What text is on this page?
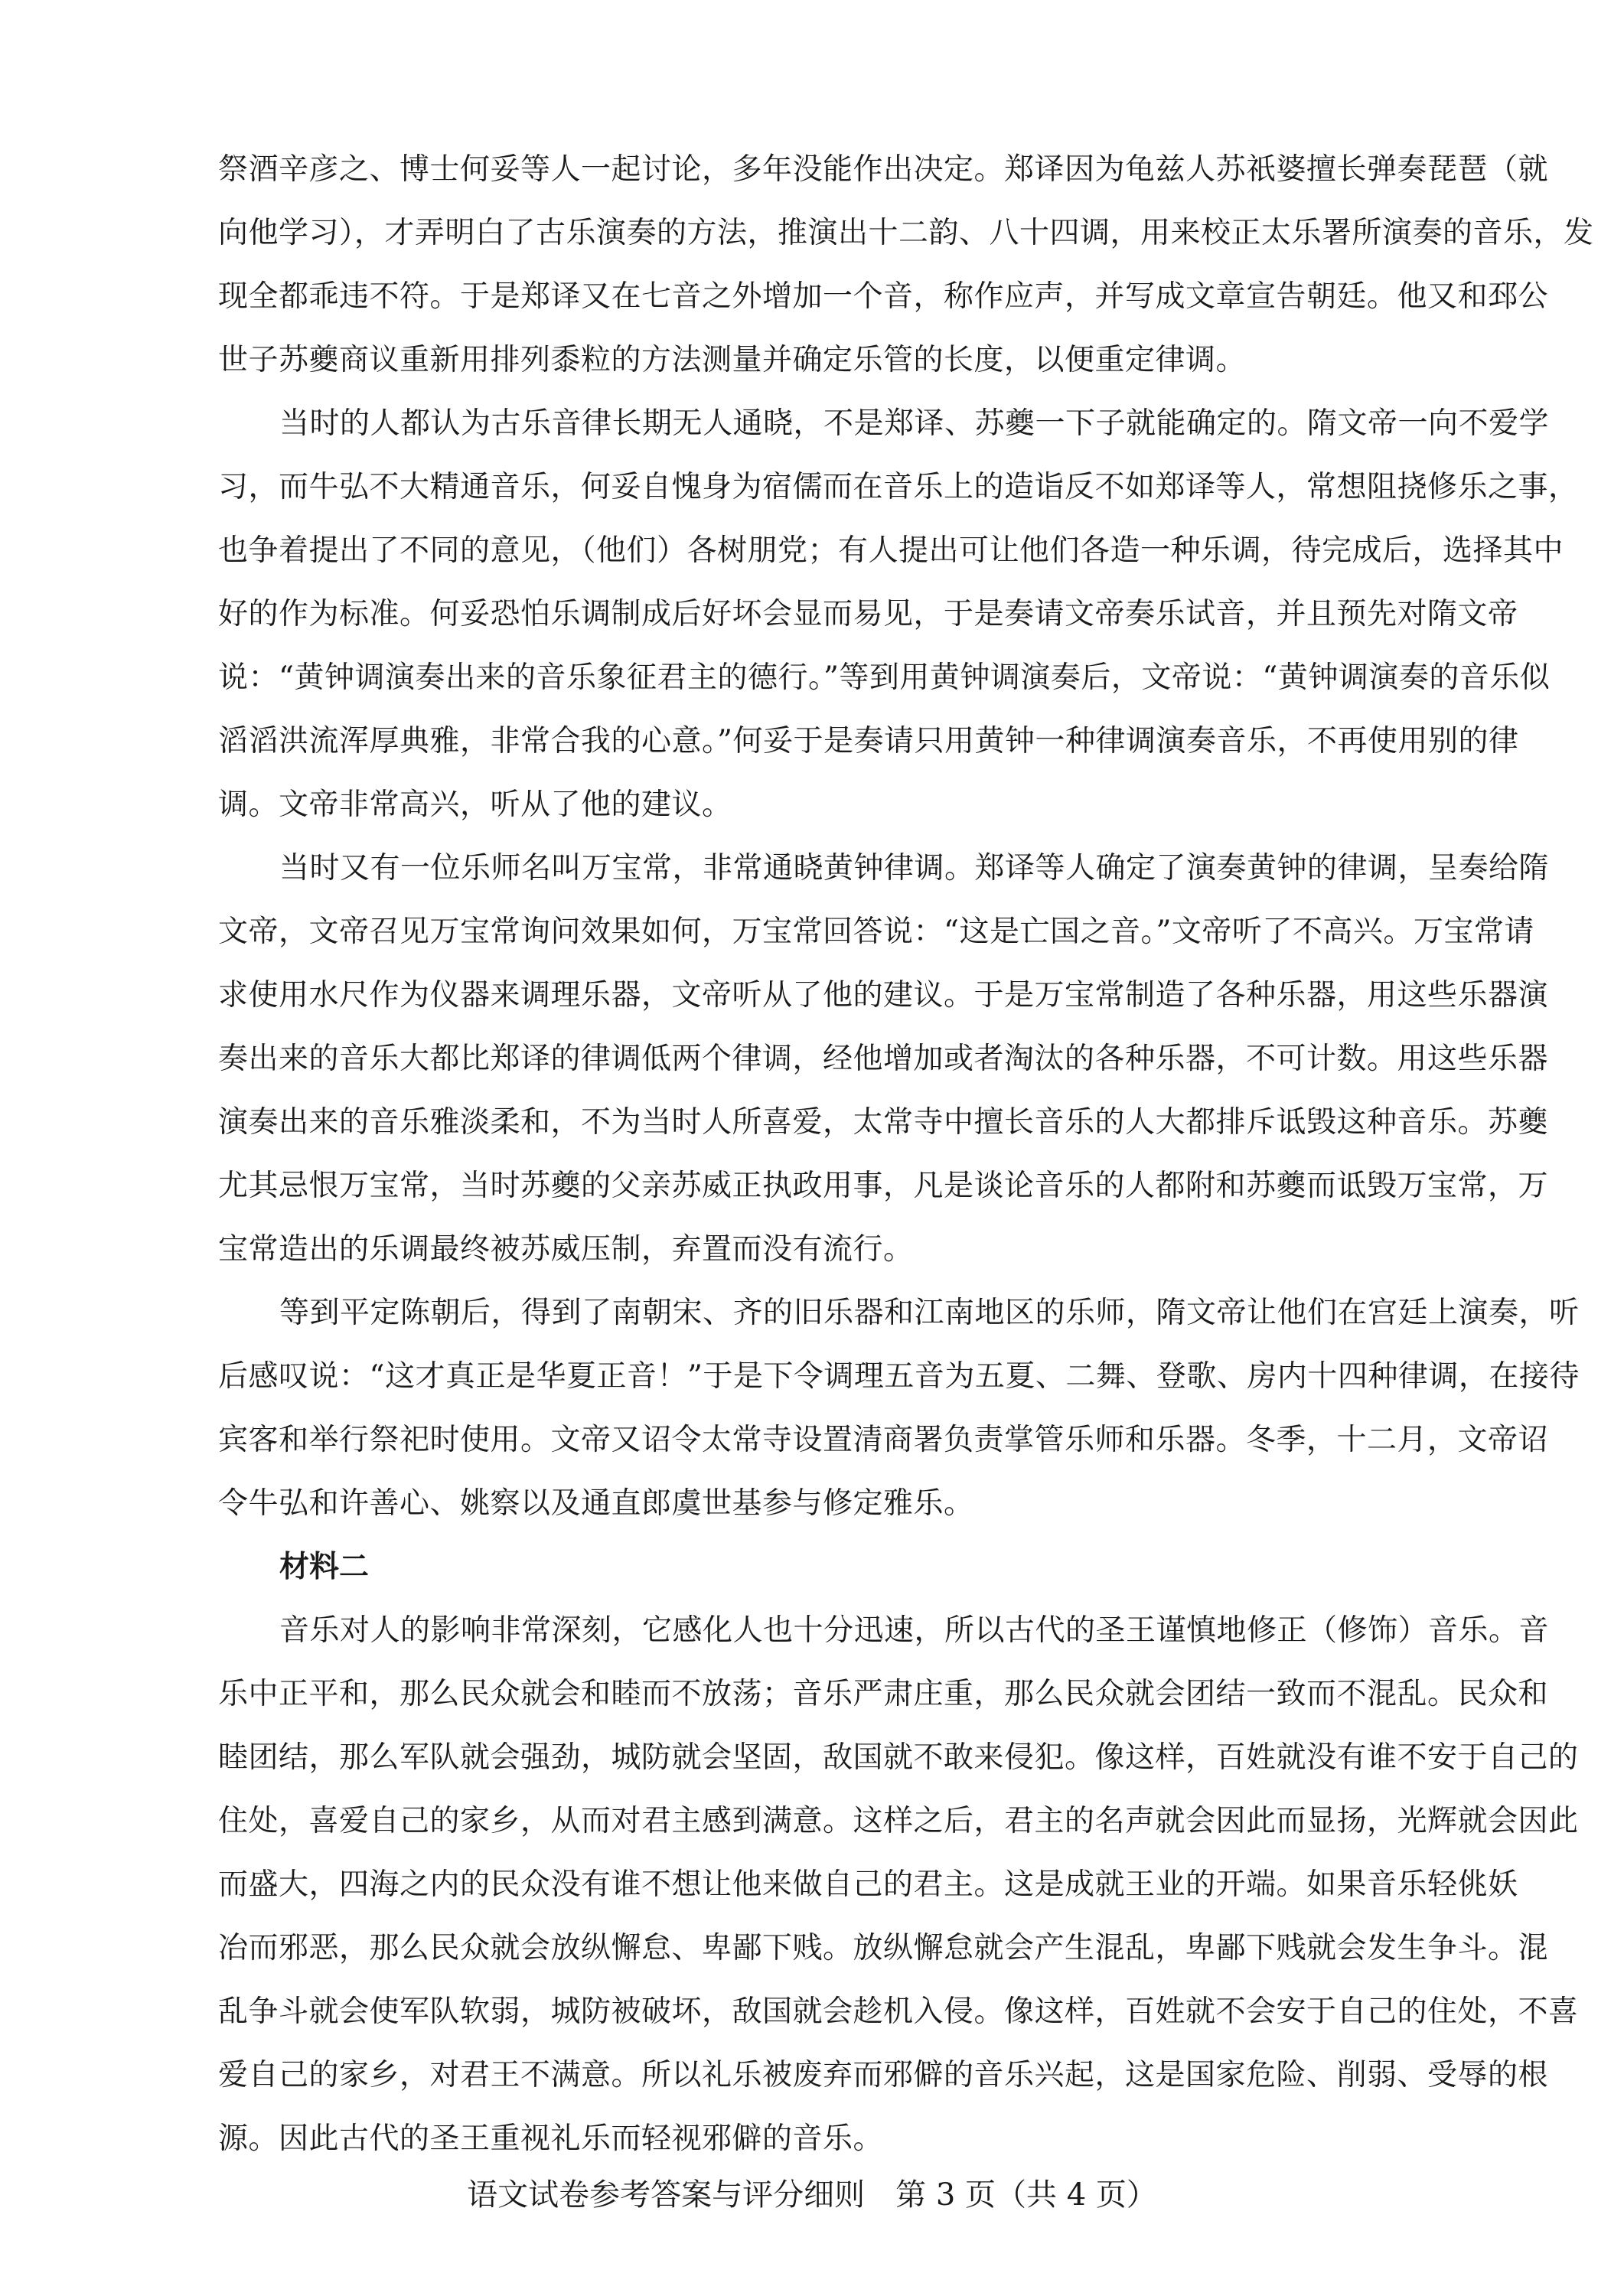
祭酒辛彦之、博士何妥等人一起讨论，多年没能作出决定。郑译因为龟兹人苏祇婆擅长弹奏琵琶（就
向他学习），才弄明白了古乐演奏的方法，推演出十二韵、八十四调，用来校正太乐署所演奏的音乐，发
现全都乖违不符。于是郑译又在七音之外增加一个音，称作应声，并写成文章宣告朝廷。他又和邳公
世子苏夔商议重新用排列黍粒的方法测量并确定乐管的长度，以便重定律调。
当时的人都认为古乐音律长期无人通晓，不是郑译、苏夔一下子就能确定的。隋文帝一向不爱学
习，而牛弘不大精通音乐，何妥自愧身为宿儒而在音乐上的造诣反不如郑译等人，常想阻挠修乐之事，
也争着提出了不同的意见，（他们）各树朋党；有人提出可让他们各造一种乐调，待完成后，选择其中
好的作为标准。何妥恐怕乐调制成后好坏会显而易见，于是奏请文帝奏乐试音，并且预先对隋文帝
说：“黄钟调演奏出来的音乐象征君主的德行。”等到用黄钟调演奏后，文帝说：“黄钟调演奏的音乐似
滔滔洪流浑厚典雅，非常合我的心意。”何妥于是奏请只用黄钟一种律调演奏音乐，不再使用别的律
调。文帝非常高兴，听从了他的建议。
当时又有一位乐师名叫万宝常，非常通晓黄钟律调。郑译等人确定了演奏黄钟的律调，呈奏给隋
文帝，文帝召见万宝常询问效果如何，万宝常回答说：“这是亡国之音。”文帝听了不高兴。万宝常请
求使用水尺作为仪器来调理乐器，文帝听从了他的建议。于是万宝常制造了各种乐器，用这些乐器演
奏出来的音乐大都比郑译的律调低两个律调，经他增加或者淘汰的各种乐器，不可计数。用这些乐器
演奏出来的音乐雅淡柔和，不为当时人所喜爱，太常寺中擅长音乐的人大都排斥诋毁这种音乐。苏夔
尤其忌恨万宝常，当时苏夔的父亲苏威正执政用事，凡是谈论音乐的人都附和苏夔而诋毁万宝常，万
宝常造出的乐调最终被苏威压制，弃置而没有流行。
等到平定陈朝后，得到了南朝宋、齐的旧乐器和江南地区的乐师，隋文帝让他们在宫廷上演奏，听
后感叹说：“这才真正是华夏正音！”于是下令调理五音为五夏、二舞、登歌、房内十四种律调，在接待
宾客和举行祭祀时使用。文帝又诏令太常寺设置清商署负责掌管乐师和乐器。冬季，十二月，文帝诏
令牛弘和许善心、姚察以及通直郎虞世基参与修定雅乐。
材料二
音乐对人的影响非常深刻，它感化人也十分迅速，所以古代的圣王谨慎地修正（修饰）音乐。音
乐中正平和，那么民众就会和睦而不放荡；音乐严肃庄重，那么民众就会团结一致而不混乱。民众和
睦团结，那么军队就会强劲，城防就会坚固，敌国就不敢来侵犯。像这样，百姓就没有谁不安于自己的
住处，喜爱自己的家乡，从而对君主感到满意。这样之后，君主的名声就会因此而显扬，光辉就会因此
而盛大，四海之内的民众没有谁不想让他来做自己的君主。这是成就王业的开端。如果音乐轻佻妖
冶而邪恶，那么民众就会放纵懈怠、卑鄙下贱。放纵懈怠就会产生混乱，卑鄙下贱就会发生争斗。混
乱争斗就会使军队软弱，城防被破坏，敌国就会趁机入侵。像这样，百姓就不会安于自己的住处，不喜
爱自己的家乡，对君王不满意。所以礼乐被废弃而邪僻的音乐兴起，这是国家危险、削弱、受辱的根
源。因此古代的圣王重视礼乐而轻视邪僻的音乐。
语文试卷参考答案与评分细则　第 3 页（共 4 页）
